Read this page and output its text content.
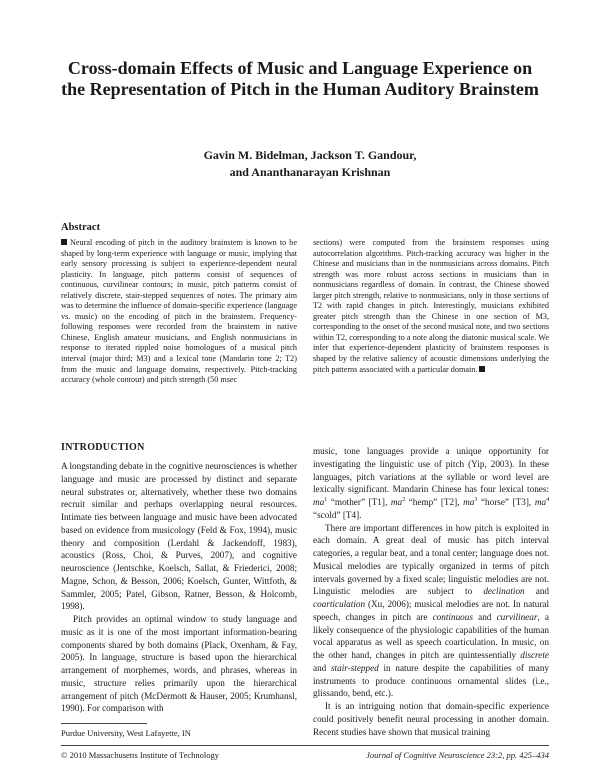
Cross-domain Effects of Music and Language Experience on the Representation of Pitch in the Human Auditory Brainstem
Gavin M. Bidelman, Jackson T. Gandour,
and Ananthanarayan Krishnan
Abstract

Neural encoding of pitch in the auditory brainstem is known to be shaped by long-term experience with language or music, implying that early sensory processing is subject to experience-dependent neural plasticity. In language, pitch patterns consist of sequences of continuous, curvilinear contours; in music, pitch patterns consist of relatively discrete, stair-stepped sequences of notes. The primary aim was to determine the influence of domain-specific experience (language vs. music) on the encoding of pitch in the brainstem. Frequency-following responses were recorded from the brainstem in native Chinese, English amateur musicians, and English nonmusicians in response to iterated rippled noise homologues of a musical pitch interval (major third; M3) and a lexical tone (Mandarin tone 2; T2) from the music and language domains, respectively. Pitch-tracking accuracy (whole contour) and pitch strength (50 msec

sections) were computed from the brainstem responses using autocorrelation algorithms. Pitch-tracking accuracy was higher in the Chinese and musicians than in the nonmusicians across domains. Pitch strength was more robust across sections in musicians than in nonmusicians regardless of domain. In contrast, the Chinese showed larger pitch strength, relative to nonmusicians, only in those sections of T2 with rapid changes in pitch. Interestingly, musicians exhibited greater pitch strength than the Chinese in one section of M3, corresponding to the onset of the second musical note, and two sections within T2, corresponding to a note along the diatonic musical scale. We infer that experience-dependent plasticity of brainstem responses is shaped by the relative saliency of acoustic dimensions underlying the pitch patterns associated with a particular domain.

INTRODUCTION

A longstanding debate in the cognitive neurosciences is whether language and music are processed by distinct and separate neural substrates or, alternatively, whether these two domains recruit similar and perhaps overlapping neural resources. Intimate ties between language and music have been advocated based on evidence from musicology (Feld & Fox, 1994), music theory and composition (Lerdahl & Jackendoff, 1983), acoustics (Ross, Choi, & Purves, 2007), and cognitive neuroscience (Jentschke, Koelsch, Sallat, & Friederici, 2008; Magne, Schon, & Besson, 2006; Koelsch, Gunter, Wittfoth, & Sammler, 2005; Patel, Gibson, Ratner, Besson, & Holcomb, 1998).

Pitch provides an optimal window to study language and music as it is one of the most important information-bearing components shared by both domains (Plack, Oxenham, & Fay, 2005). In language, structure is based upon the hierarchical arrangement of morphemes, words, and phrases, whereas in music, structure relies primarily upon the hierarchical arrangement of pitch (McDermott & Hauser, 2005; Krumhansl, 1990). For comparison with

music, tone languages provide a unique opportunity for investigating the linguistic use of pitch (Yip, 2003). In these languages, pitch variations at the syllable or word level are lexically significant. Mandarin Chinese has four lexical tones: $ma^1$ “mother” [T1], $ma^2$ “hemp” [T2], $ma^3$ “horse” [T3], $ma^4$ “scold” [T4].

There are important differences in how pitch is exploited in each domain. A great deal of music has pitch interval categories, a regular beat, and a tonal center; language does not. Musical melodies are typically organized in terms of pitch intervals governed by a fixed scale; linguistic melodies are not. Linguistic melodies are subject to declination and coarticulation (Xu, 2006); musical melodies are not. In natural speech, changes in pitch are continuous and curvilinear, a likely consequence of the physiologic capabilities of the human vocal apparatus as well as speech coarticulation. In music, on the other hand, changes in pitch are quintessentially discrete and stair-stepped in nature despite the capabilities of many instruments to produce continuous ornamental slides (i.e., glissando, bend, etc.).

It is an intriguing notion that domain-specific experience could positively benefit neural processing in another domain. Recent studies have shown that musical training

Purdue University, West Lafayette, IN

© 2010 Massachusetts Institute of Technology	Journal of Cognitive Neuroscience 23:2, pp. 425–434
